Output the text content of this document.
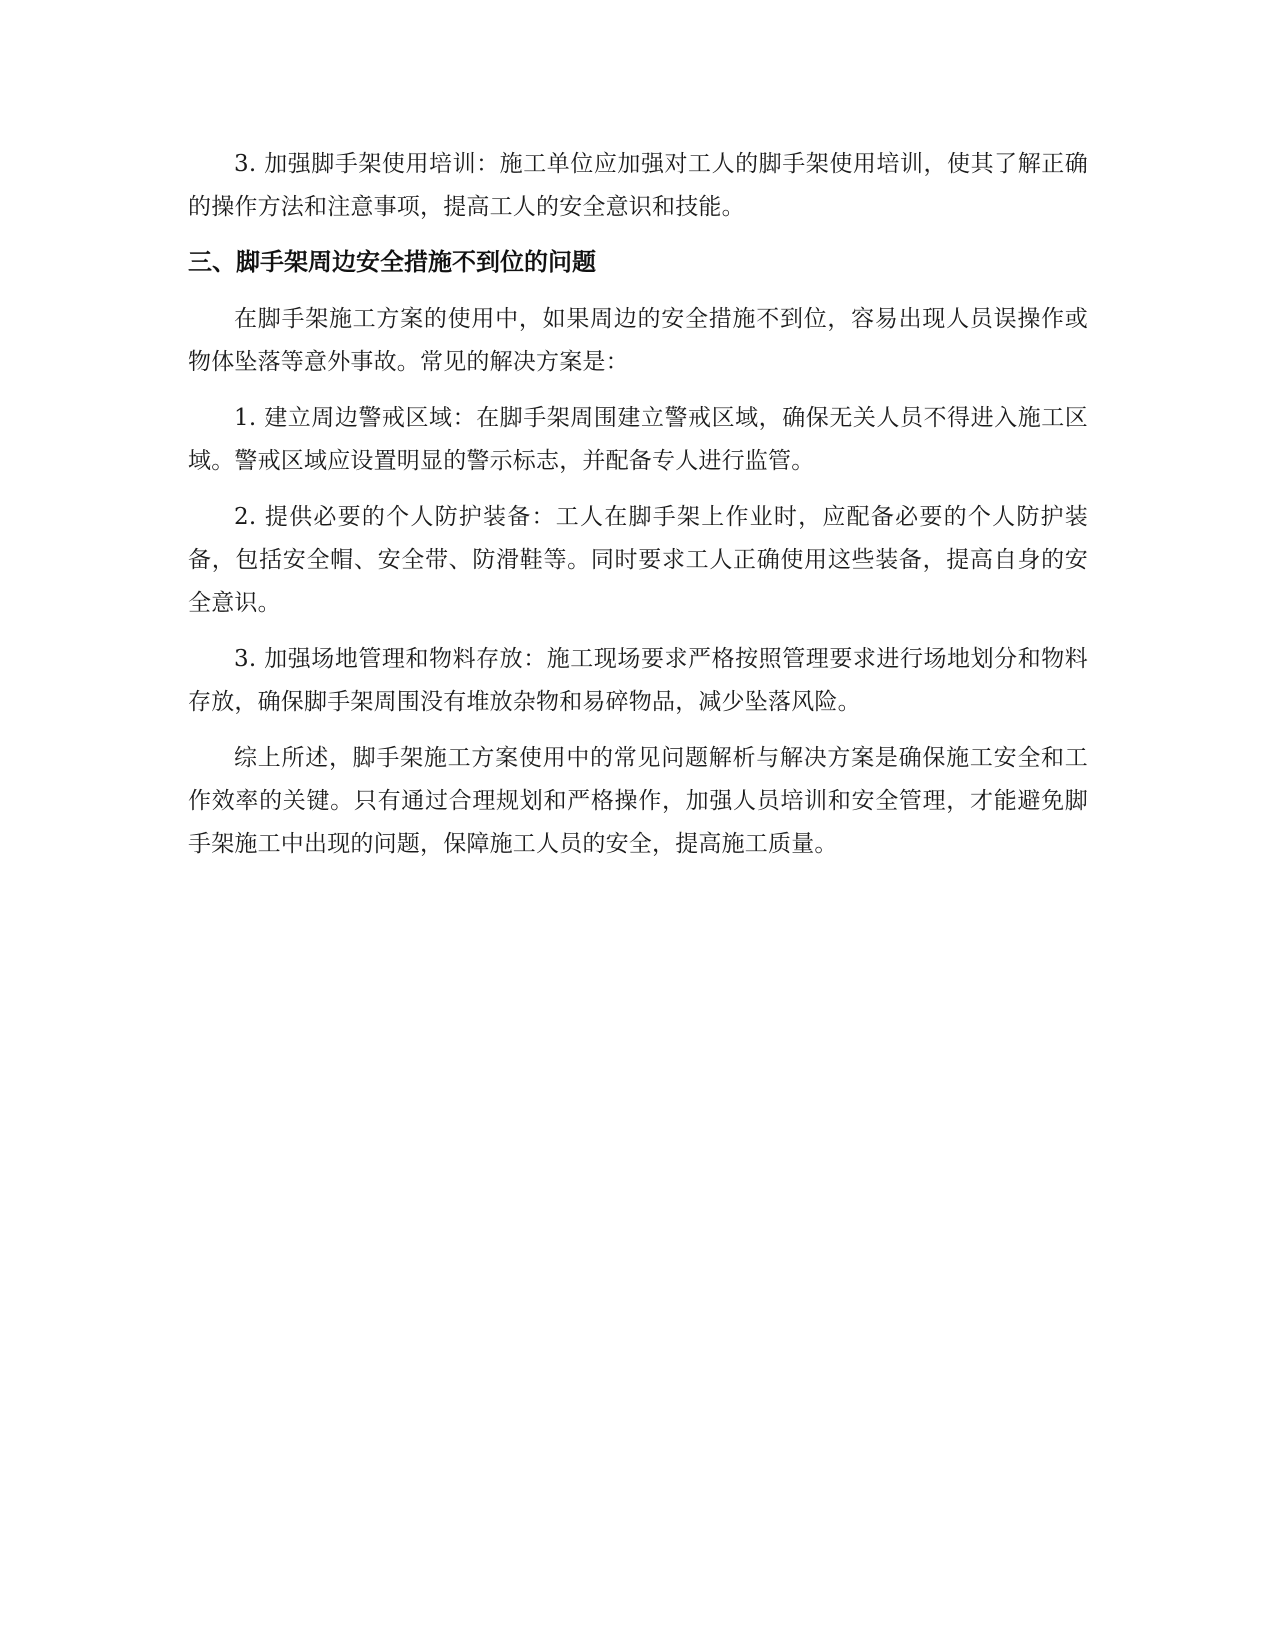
3. 加强脚手架使用培训：施工单位应加强对工人的脚手架使用培训，使其了解正确的操作方法和注意事项，提高工人的安全意识和技能。

三、脚手架周边安全措施不到位的问题

在脚手架施工方案的使用中，如果周边的安全措施不到位，容易出现人员误操作或物体坠落等意外事故。常见的解决方案是：

1. 建立周边警戒区域：在脚手架周围建立警戒区域，确保无关人员不得进入施工区域。警戒区域应设置明显的警示标志，并配备专人进行监管。

2. 提供必要的个人防护装备：工人在脚手架上作业时，应配备必要的个人防护装备，包括安全帽、安全带、防滑鞋等。同时要求工人正确使用这些装备，提高自身的安全意识。

3. 加强场地管理和物料存放：施工现场要求严格按照管理要求进行场地划分和物料存放，确保脚手架周围没有堆放杂物和易碎物品，减少坠落风险。

综上所述，脚手架施工方案使用中的常见问题解析与解决方案是确保施工安全和工作效率的关键。只有通过合理规划和严格操作，加强人员培训和安全管理，才能避免脚手架施工中出现的问题，保障施工人员的安全，提高施工质量。
